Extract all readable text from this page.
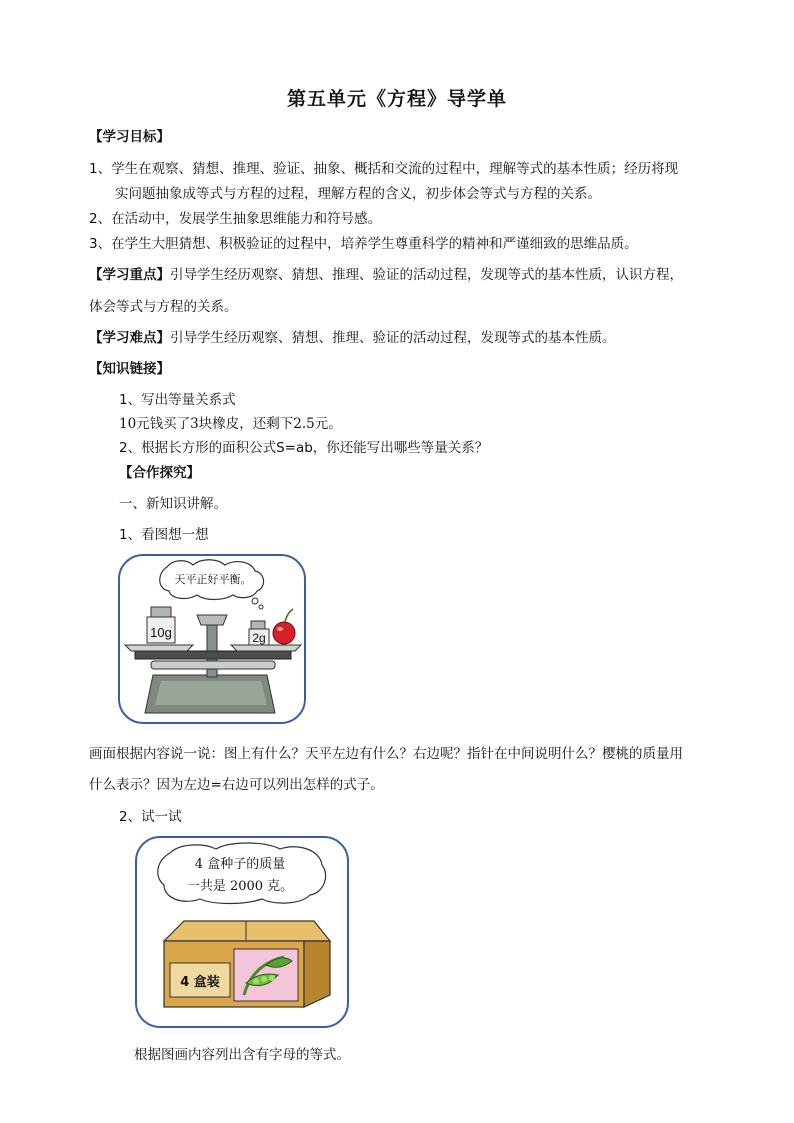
第五单元《方程》导学单
【学习目标】
1、学生在观察、猜想、推理、验证、抽象、概括和交流的过程中，理解等式的基本性质；经历将现
实问题抽象成等式与方程的过程，理解方程的含义，初步体会等式与方程的关系。
2、在活动中，发展学生抽象思维能力和符号感。
3、在学生大胆猜想、积极验证的过程中，培养学生尊重科学的精神和严谨细致的思维品质。
【学习重点】引导学生经历观察、猜想、推理、验证的活动过程，发现等式的基本性质，认识方程，
体会等式与方程的关系。
【学习难点】引导学生经历观察、猜想、推理、验证的活动过程，发现等式的基本性质。
【知识链接】
1、写出等量关系式
10元钱买了3块橡皮，还剩下2.5元。
2、根据长方形的面积公式S=ab，你还能写出哪些等量关系？
【合作探究】
一、新知识讲解。
1、看图想一想
天平正好平衡。
10g	2g
画面根据内容说一说：图上有什么？天平左边有什么？右边呢？指针在中间说明什么？樱桃的质量用
什么表示？因为左边=右边可以列出怎样的式子。
2、试一试
4 盒种子的质量
一共是 2000 克。
4 盒装
根据图画内容列出含有字母的等式。
